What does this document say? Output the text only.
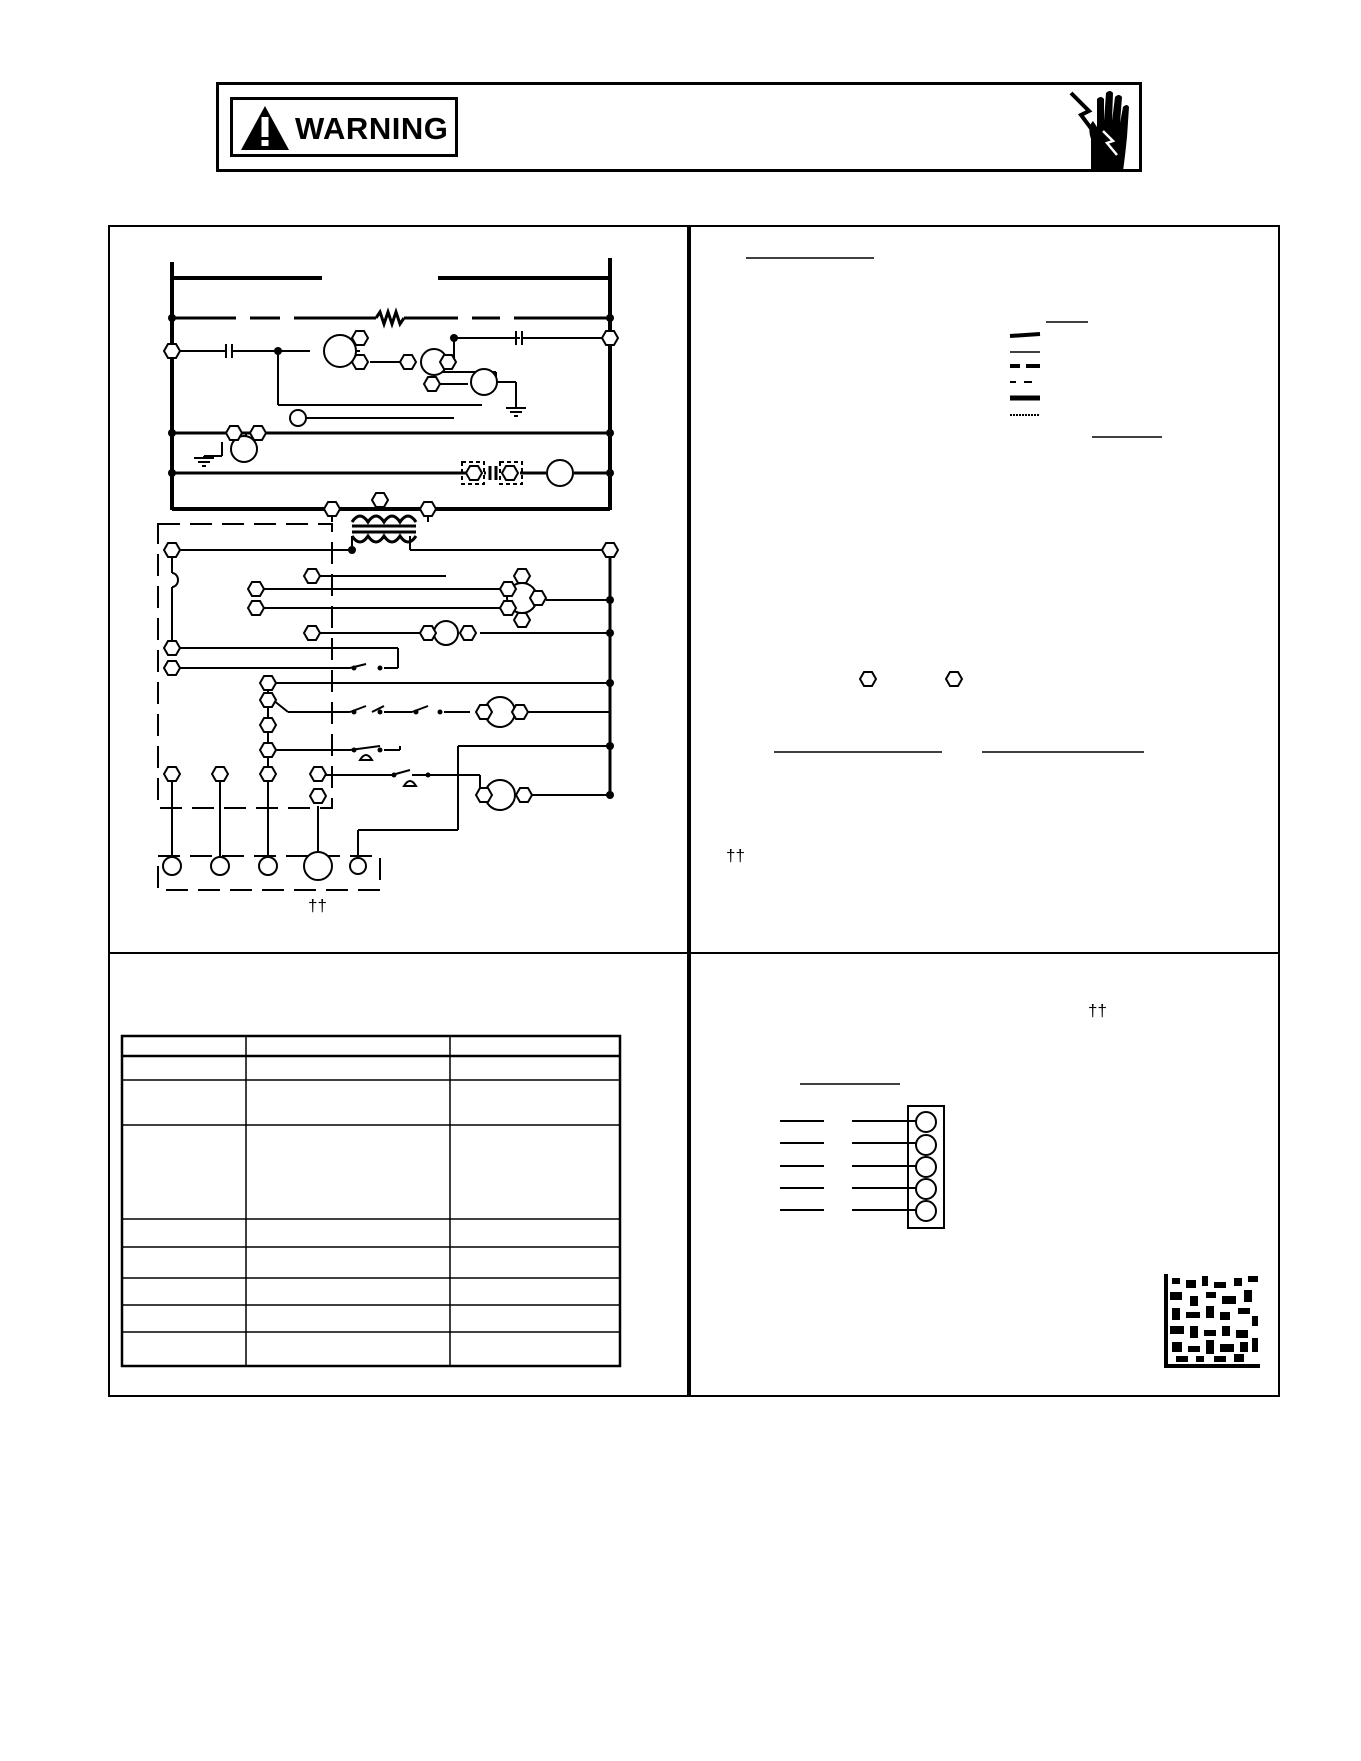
WARNING
††
††
††
